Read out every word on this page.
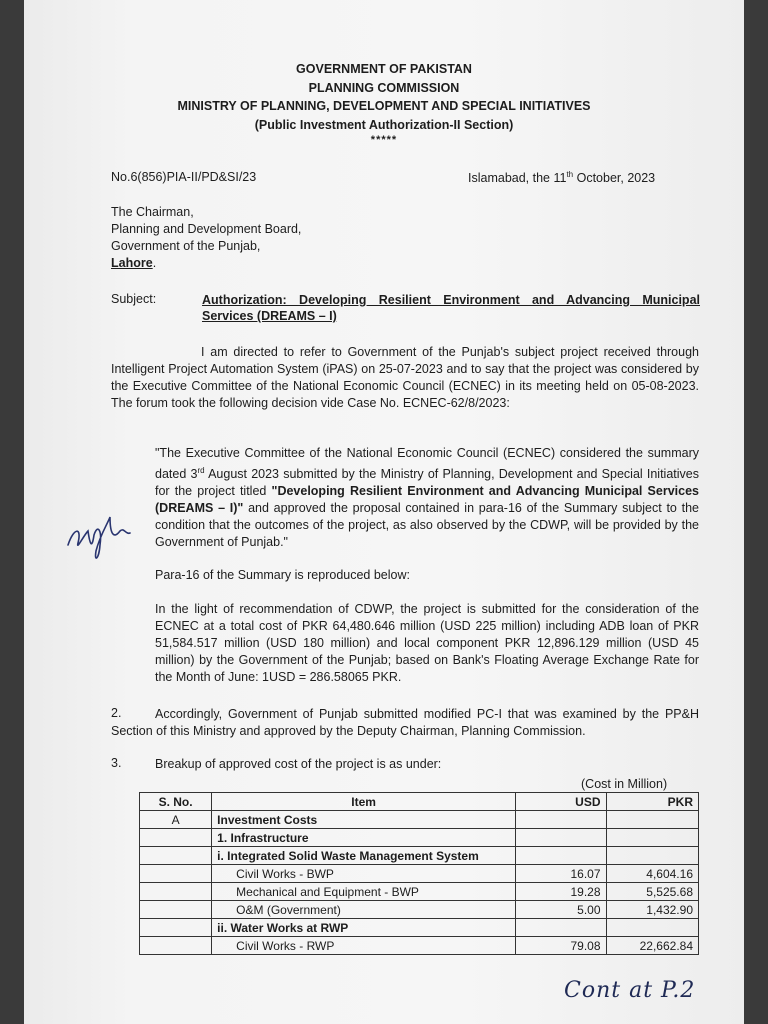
GOVERNMENT OF PAKISTAN
PLANNING COMMISSION
MINISTRY OF PLANNING, DEVELOPMENT AND SPECIAL INITIATIVES
(Public Investment Authorization-II Section)
*****
No.6(856)PIA-II/PD&SI/23	Islamabad, the 11th October, 2023
The Chairman,
Planning and Development Board,
Government of the Punjab,
Lahore.
Subject:	Authorization: Developing Resilient Environment and Advancing Municipal Services (DREAMS – I)
I am directed to refer to Government of the Punjab's subject project received through Intelligent Project Automation System (iPAS) on 25-07-2023 and to say that the project was considered by the Executive Committee of the National Economic Council (ECNEC) in its meeting held on 05-08-2023. The forum took the following decision vide Case No. ECNEC-62/8/2023:
"The Executive Committee of the National Economic Council (ECNEC) considered the summary dated 3rd August 2023 submitted by the Ministry of Planning, Development and Special Initiatives for the project titled "Developing Resilient Environment and Advancing Municipal Services (DREAMS – I)" and approved the proposal contained in para-16 of the Summary subject to the condition that the outcomes of the project, as also observed by the CDWP, will be provided by the Government of Punjab."
Para-16 of the Summary is reproduced below:
In the light of recommendation of CDWP, the project is submitted for the consideration of the ECNEC at a total cost of PKR 64,480.646 million (USD 225 million) including ADB loan of PKR 51,584.517 million (USD 180 million) and local component PKR 12,896.129 million (USD 45 million) by the Government of the Punjab; based on Bank's Floating Average Exchange Rate for the Month of June: 1USD = 286.58065 PKR.
2.	Accordingly, Government of Punjab submitted modified PC-I that was examined by the PP&H Section of this Ministry and approved by the Deputy Chairman, Planning Commission.
3.	Breakup of approved cost of the project is as under:
(Cost in Million)
S. No.	Item	USD	PKR
A	Investment Costs		
	1. Infrastructure		
	i. Integrated Solid Waste Management System		
	Civil Works - BWP	16.07	4,604.16
	Mechanical and Equipment - BWP	19.28	5,525.68
	O&M (Government)	5.00	1,432.90
	ii. Water Works at RWP		
	Civil Works - RWP	79.08	22,662.84
Cont at P.2
